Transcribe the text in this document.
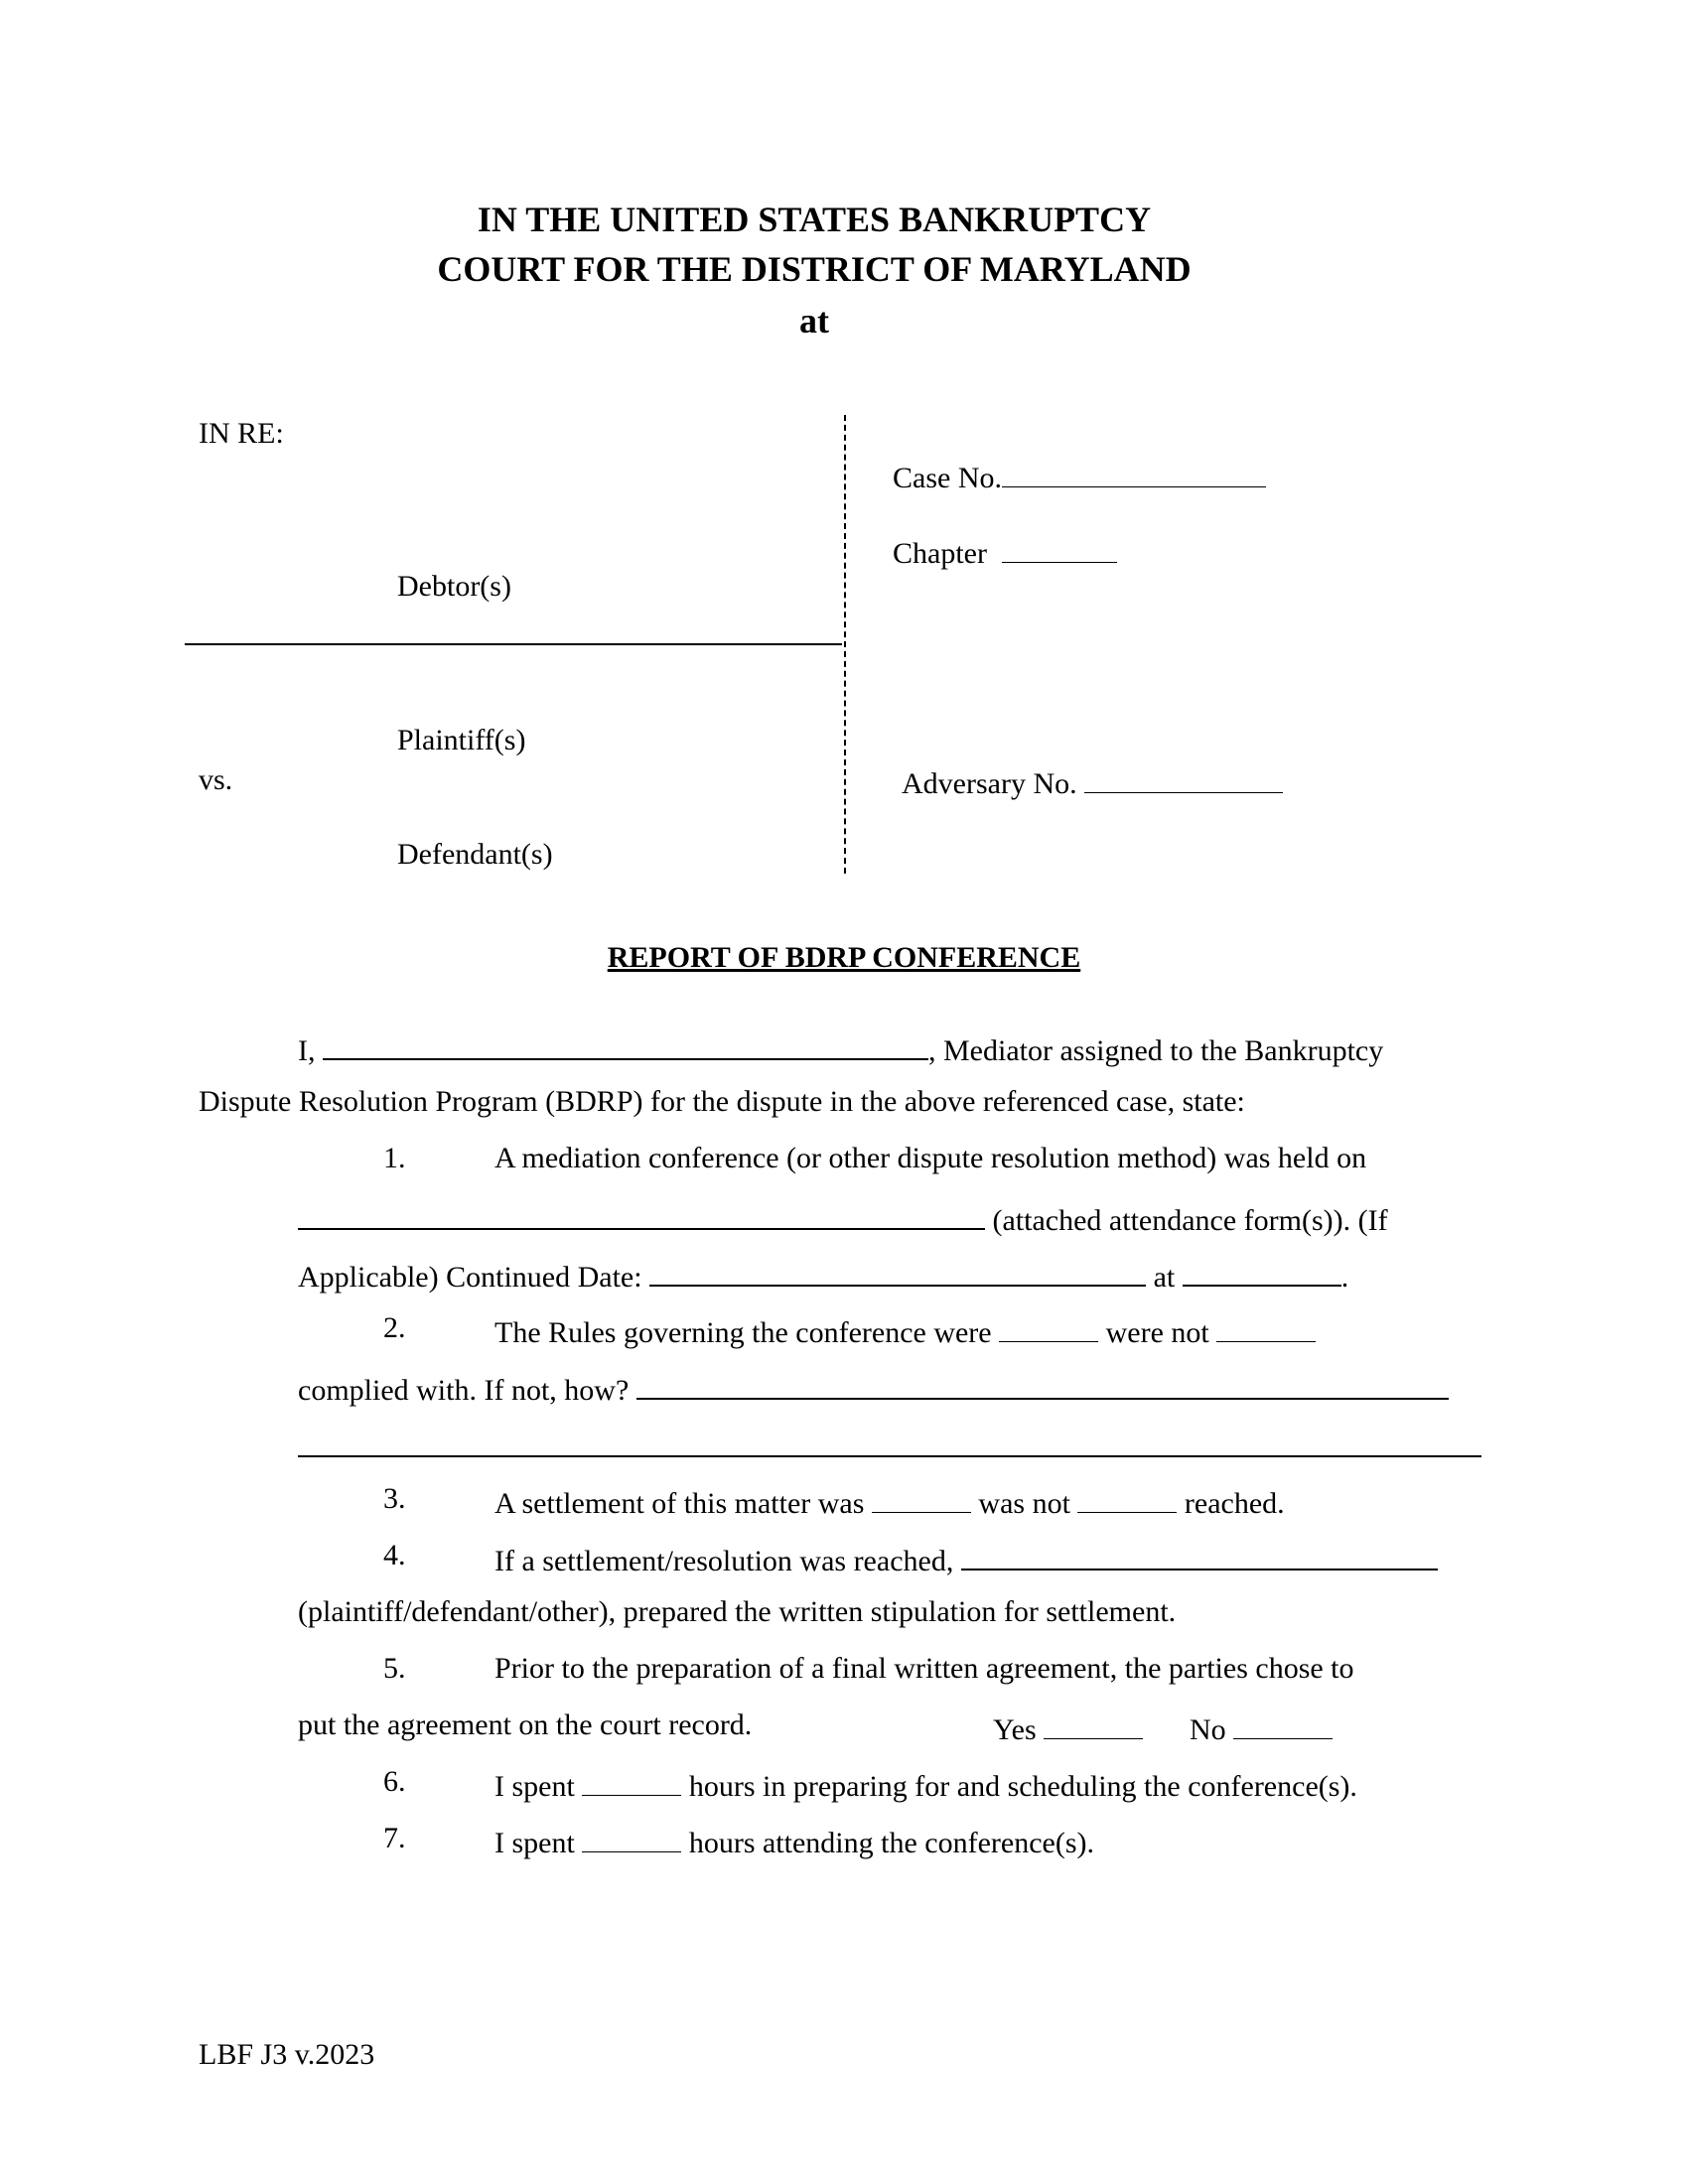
IN THE UNITED STATES BANKRUPTCY
COURT FOR THE DISTRICT OF MARYLAND
at
IN RE:
Debtor(s)
Plaintiff(s)
vs.
Defendant(s)
Case No.
Chapter
Adversary No.
REPORT OF BDRP CONFERENCE
I,	, Mediator assigned to the Bankruptcy
Dispute Resolution Program (BDRP) for the dispute in the above referenced case, state:
1.	A mediation conference (or other dispute resolution method) was held on
(attached attendance form(s)). (If
Applicable) Continued Date:	at	.
2.	The Rules governing the conference were	were not
complied with. If not, how?
3.	A settlement of this matter was	was not	reached.
4.	If a settlement/resolution was reached,
(plaintiff/defendant/other), prepared the written stipulation for settlement.
5.	Prior to the preparation of a final written agreement, the parties chose to
put the agreement on the court record.	Yes	No
6.	I spent	hours in preparing for and scheduling the conference(s).
7.	I spent	hours attending the conference(s).
LBF J3 v.2023
